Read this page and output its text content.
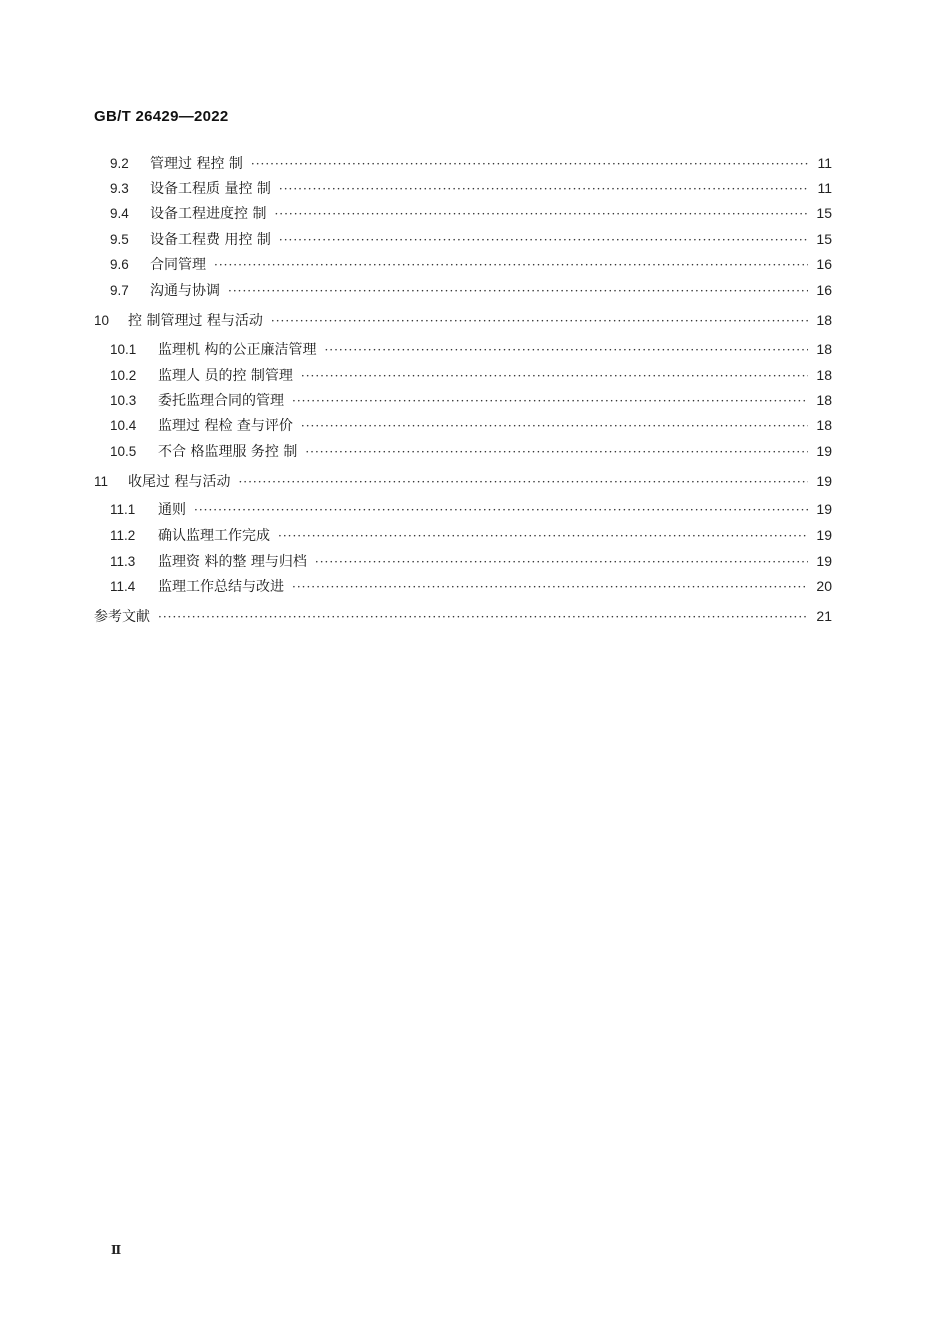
GB/T 26429—2022
9.2	管理过 程控 制 ·····	11
9.3	设备工程质 量控 制 ·····	11
9.4	设备工程进度控 制 ·····	15
9.5	设备工程费 用控 制 ·····	15
9.6	合同管理 ·····	16
9.7	沟通与协调 ·····	16
10	控 制管理过 程与活动 ·····	18
10.1	监理机 构的公正廉洁管理 ·····	18
10.2	监理人 员的控 制管理 ·····	18
10.3	委托监理合同的管理 ·····	18
10.4	监理过 程检 查与评价 ·····	18
10.5	不合 格监理服 务控 制 ·····	19
11	收尾过 程与活动 ·····	19
11.1	通则 ·····	19
11.2	确认监理工作完成 ·····	19
11.3	监理资 料的整 理与归档 ·····	19
11.4	监理工作总结与改进 ·····	20
参考文献 ·····	21
Ⅱ
